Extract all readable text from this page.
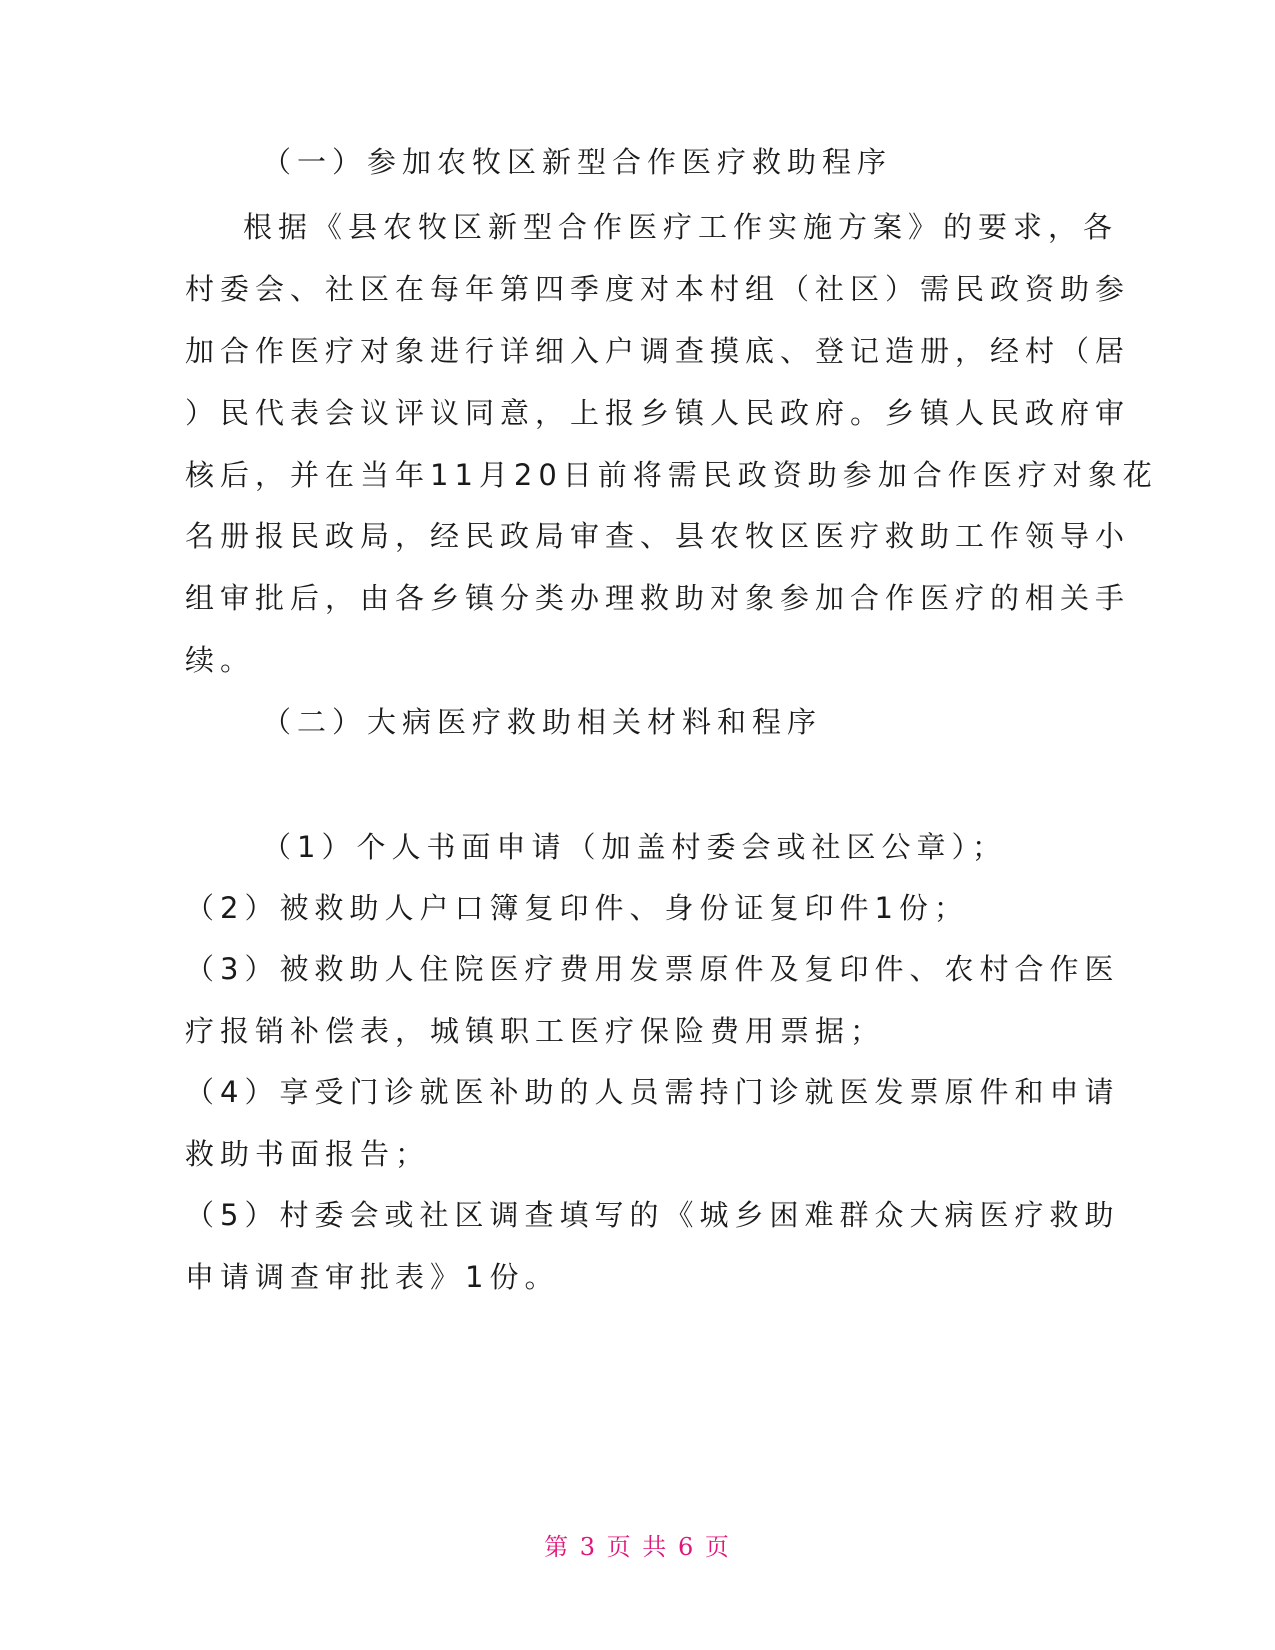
（一）参加农牧区新型合作医疗救助程序
根据《县农牧区新型合作医疗工作实施方案》的要求，各
村委会、社区在每年第四季度对本村组（社区）需民政资助参
加合作医疗对象进行详细入户调查摸底、登记造册，经村（居
）民代表会议评议同意，上报乡镇人民政府。乡镇人民政府审
核后，并在当年11月20日前将需民政资助参加合作医疗对象花
名册报民政局，经民政局审查、县农牧区医疗救助工作领导小
组审批后，由各乡镇分类办理救助对象参加合作医疗的相关手
续。
（二）大病医疗救助相关材料和程序
（1）个人书面申请（加盖村委会或社区公章）；
（2）被救助人户口簿复印件、身份证复印件1份；
（3）被救助人住院医疗费用发票原件及复印件、农村合作医
疗报销补偿表，城镇职工医疗保险费用票据；
（4）享受门诊就医补助的人员需持门诊就医发票原件和申请
救助书面报告；
（5）村委会或社区调查填写的《城乡困难群众大病医疗救助
申请调查审批表》1份。
第 3 页 共 6 页
